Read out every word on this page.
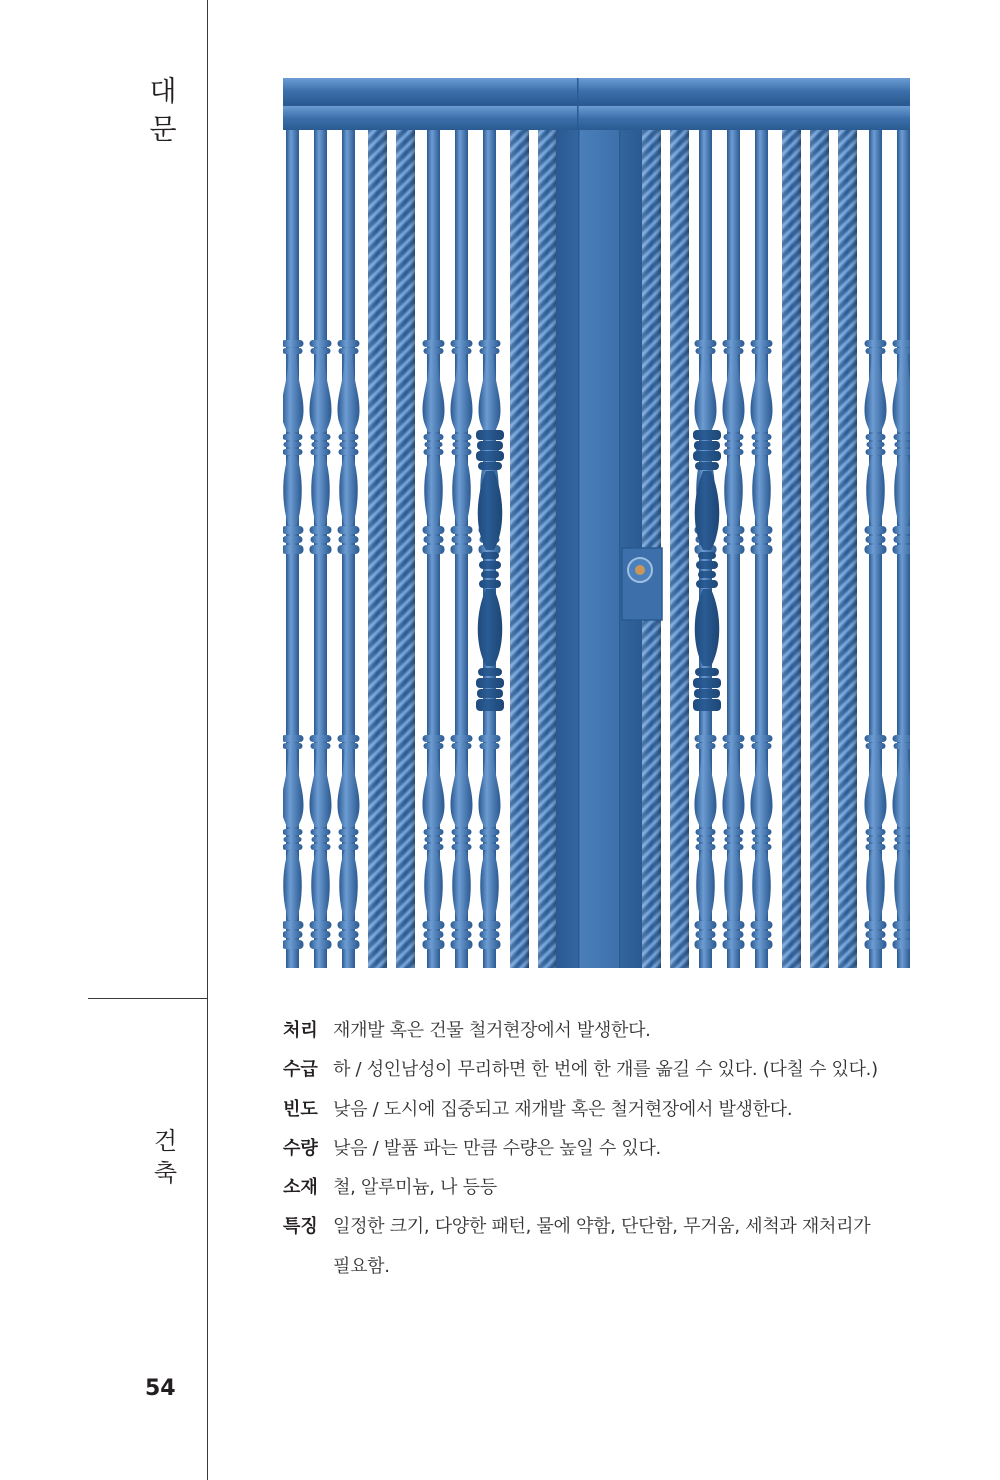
대문
건축
54
처리 재개발 혹은 건물 철거현장에서 발생한다.
수급 하 / 성인남성이 무리하면 한 번에 한 개를 옮길 수 있다. (다칠 수 있다.)
빈도 낮음 / 도시에 집중되고 재개발 혹은 철거현장에서 발생한다.
수량 낮음 / 발품 파는 만큼 수량은 높일 수 있다.
소재 철, 알루미늄, 나 등등
특징 일정한 크기, 다양한 패턴, 물에 약함, 단단함, 무거움, 세척과 재처리가 필요함.
